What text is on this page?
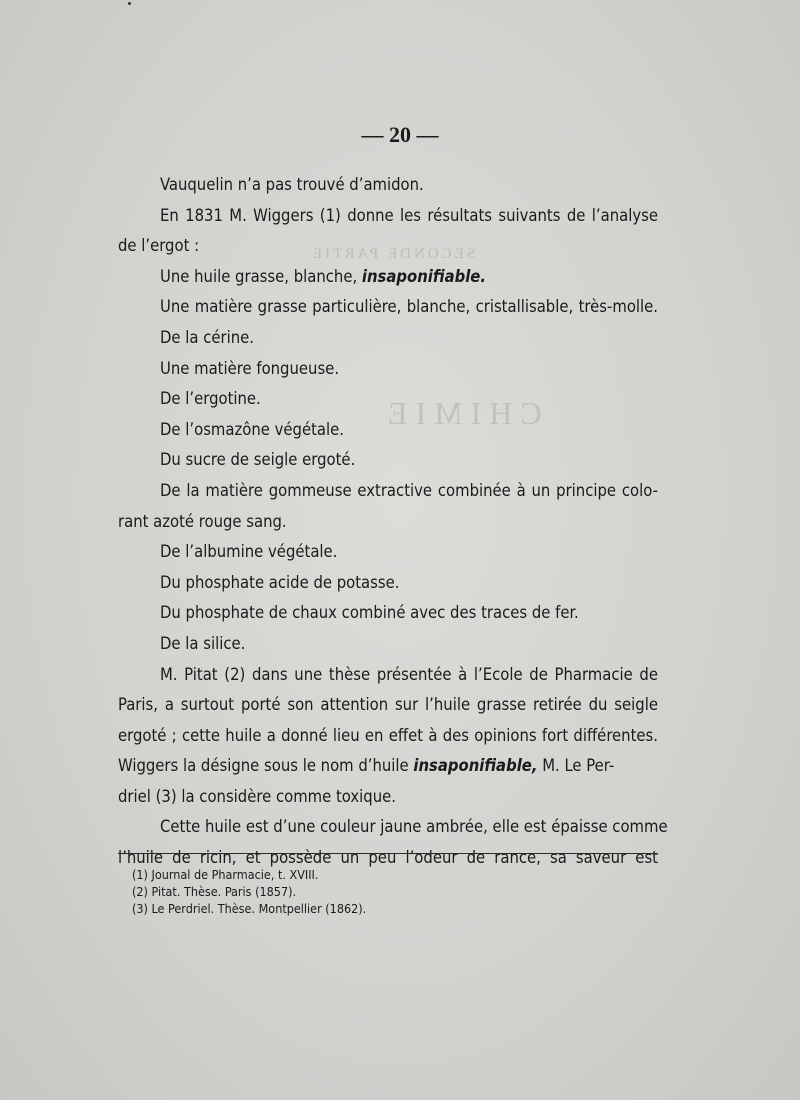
SECONDE PARTIE
CHIMIE
— 20 —
Vauquelin n’a pas trouvé d’amidon.
En 1831 M. Wiggers (1) donne les résultats suivants de l’analyse
de l’ergot :
Une huile grasse, blanche, insaponifiable.
Une matière grasse particulière, blanche, cristallisable, très-molle.
De la cérine.
Une matière fongueuse.
De l’ergotine.
De l’osmazône végétale.
Du sucre de seigle ergoté.
De la matière gommeuse extractive combinée à un principe colo-
rant azoté rouge sang.
De l’albumine végétale.
Du phosphate acide de potasse.
Du phosphate de chaux combiné avec des traces de fer.
De la silice.
M. Pitat (2) dans une thèse présentée à l’Ecole de Pharmacie de
Paris, a surtout porté son attention sur l’huile grasse retirée du seigle
ergoté ; cette huile a donné lieu en effet à des opinions fort différentes.
Wiggers la désigne sous le nom d’huile insaponifiable, M. Le Per-
driel (3) la considère comme toxique.
Cette huile est d’une couleur jaune ambrée, elle est épaisse comme
l’huile de ricin, et possède un peu l’odeur de rance, sa saveur est
(1) Journal de Pharmacie, t. XVIII.
(2) Pitat. Thèse. Paris (1857).
(3) Le Perdriel. Thèse. Montpellier (1862).
